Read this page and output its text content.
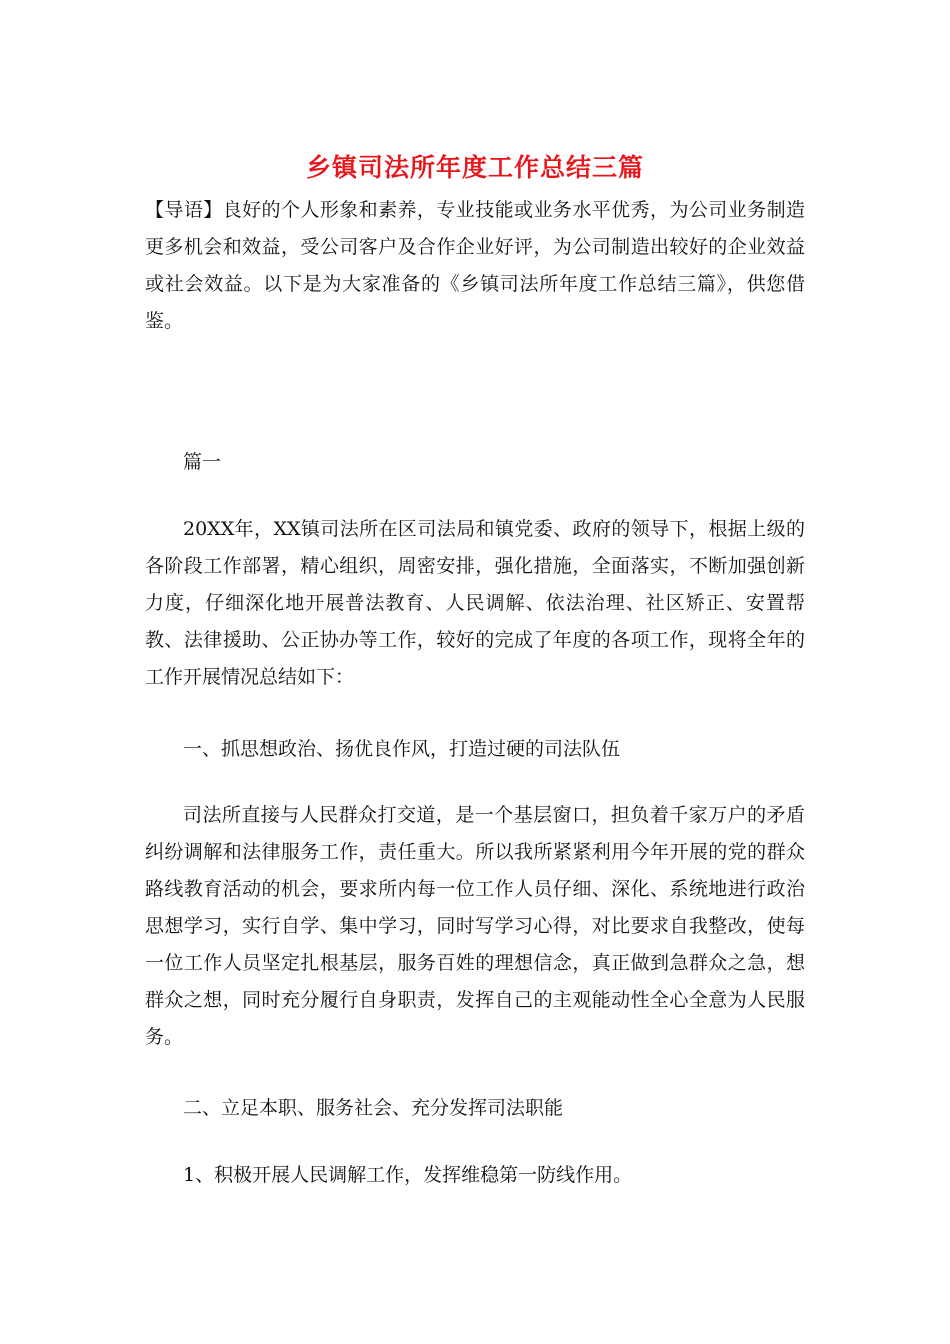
乡镇司法所年度工作总结三篇

【导语】良好的个人形象和素养，专业技能或业务水平优秀，为公司业务制造更多机会和效益，受公司客户及合作企业好评，为公司制造出较好的企业效益或社会效益。以下是为大家准备的《乡镇司法所年度工作总结三篇》，供您借鉴。

篇一

20XX年，XX镇司法所在区司法局和镇党委、政府的领导下，根据上级的各阶段工作部署，精心组织，周密安排，强化措施，全面落实，不断加强创新力度，仔细深化地开展普法教育、人民调解、依法治理、社区矫正、安置帮教、法律援助、公正协办等工作，较好的完成了年度的各项工作，现将全年的工作开展情况总结如下：

一、抓思想政治、扬优良作风，打造过硬的司法队伍

司法所直接与人民群众打交道，是一个基层窗口，担负着千家万户的矛盾纠纷调解和法律服务工作，责任重大。所以我所紧紧利用今年开展的党的群众路线教育活动的机会，要求所内每一位工作人员仔细、深化、系统地进行政治思想学习，实行自学、集中学习，同时写学习心得，对比要求自我整改，使每一位工作人员坚定扎根基层，服务百姓的理想信念，真正做到急群众之急，想群众之想，同时充分履行自身职责，发挥自己的主观能动性全心全意为人民服务。

二、立足本职、服务社会、充分发挥司法职能

1、积极开展人民调解工作，发挥维稳第一防线作用。
